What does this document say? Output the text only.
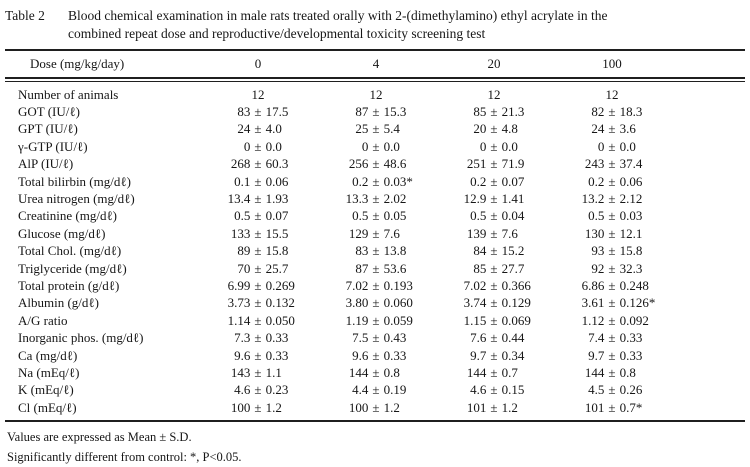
Table 2	Blood chemical examination in male rats treated orally with 2-(dimethylamino) ethyl acrylate in the
combined repeat dose and reproductive/developmental toxicity screening test
Dose (mg/kg/day)	0	4	20	100
Number of animals	12	12	12	12
GOT (IU/ℓ)	83 ± 17.5	87 ± 15.3	85 ± 21.3	82 ± 18.3
GPT (IU/ℓ)	24 ± 4.0	25 ± 5.4	20 ± 4.8	24 ± 3.6
γ-GTP (IU/ℓ)	0 ± 0.0	0 ± 0.0	0 ± 0.0	0 ± 0.0
AlP (IU/ℓ)	268 ± 60.3	256 ± 48.6	251 ± 71.9	243 ± 37.4
Total bilirbin (mg/dℓ)	0.1 ± 0.06	0.2 ± 0.03*	0.2 ± 0.07	0.2 ± 0.06
Urea nitrogen (mg/dℓ)	13.4 ± 1.93	13.3 ± 2.02	12.9 ± 1.41	13.2 ± 2.12
Creatinine (mg/dℓ)	0.5 ± 0.07	0.5 ± 0.05	0.5 ± 0.04	0.5 ± 0.03
Glucose (mg/dℓ)	133 ± 15.5	129 ± 7.6	139 ± 7.6	130 ± 12.1
Total Chol. (mg/dℓ)	89 ± 15.8	83 ± 13.8	84 ± 15.2	93 ± 15.8
Triglyceride (mg/dℓ)	70 ± 25.7	87 ± 53.6	85 ± 27.7	92 ± 32.3
Total protein (g/dℓ)	6.99 ± 0.269	7.02 ± 0.193	7.02 ± 0.366	6.86 ± 0.248
Albumin (g/dℓ)	3.73 ± 0.132	3.80 ± 0.060	3.74 ± 0.129	3.61 ± 0.126*
A/G ratio	1.14 ± 0.050	1.19 ± 0.059	1.15 ± 0.069	1.12 ± 0.092
Inorganic phos. (mg/dℓ)	7.3 ± 0.33	7.5 ± 0.43	7.6 ± 0.44	7.4 ± 0.33
Ca (mg/dℓ)	9.6 ± 0.33	9.6 ± 0.33	9.7 ± 0.34	9.7 ± 0.33
Na (mEq/ℓ)	143 ± 1.1	144 ± 0.8	144 ± 0.7	144 ± 0.8
K (mEq/ℓ)	4.6 ± 0.23	4.4 ± 0.19	4.6 ± 0.15	4.5 ± 0.26
Cl (mEq/ℓ)	100 ± 1.2	100 ± 1.2	101 ± 1.2	101 ± 0.7*
Values are expressed as Mean ± S.D.
Significantly different from control: *, P<0.05.
